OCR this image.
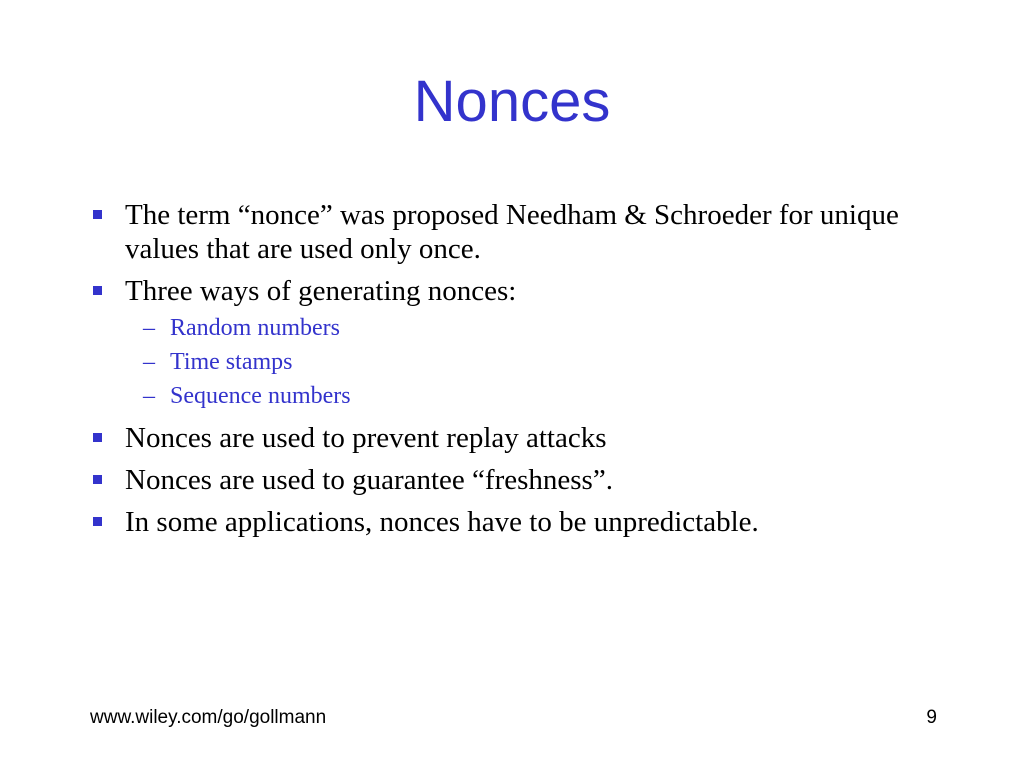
Nonces
The term “nonce” was proposed Needham & Schroeder for unique values that are used only once.
Three ways of generating nonces:
– Random numbers
– Time stamps
– Sequence numbers
Nonces are used to prevent replay attacks
Nonces are used to guarantee “freshness”.
In some applications, nonces have to be unpredictable.
www.wiley.com/go/gollmann	9
